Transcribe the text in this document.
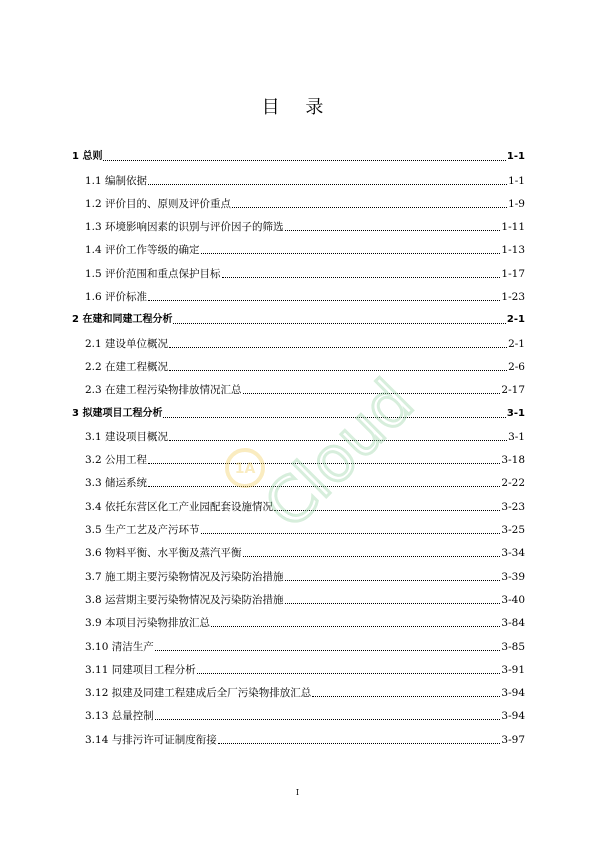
目 录
1 总则	1-1
1.1 编制依据	1-1
1.2 评价目的、原则及评价重点	1-9
1.3 环境影响因素的识别与评价因子的筛选	1-11
1.4 评价工作等级的确定	1-13
1.5 评价范围和重点保护目标	1-17
1.6 评价标准	1-23
2 在建和同建工程分析	2-1
2.1 建设单位概况	2-1
2.2 在建工程概况	2-6
2.3 在建工程污染物排放情况汇总	2-17
3 拟建项目工程分析	3-1
3.1 建设项目概况	3-1
3.2 公用工程	3-18
3.3 储运系统	2-22
3.4 依托东营区化工产业园配套设施情况	3-23
3.5 生产工艺及产污环节	3-25
3.6 物料平衡、水平衡及蒸汽平衡	3-34
3.7 施工期主要污染物情况及污染防治措施	3-39
3.8 运营期主要污染物情况及污染防治措施	3-40
3.9 本项目污染物排放汇总	3-84
3.10 清洁生产	3-85
3.11 同建项目工程分析	3-91
3.12 拟建及同建工程建成后全厂污染物排放汇总	3-94
3.13 总量控制	3-94
3.14 与排污许可证制度衔接	3-97
1A
Cloud
I
